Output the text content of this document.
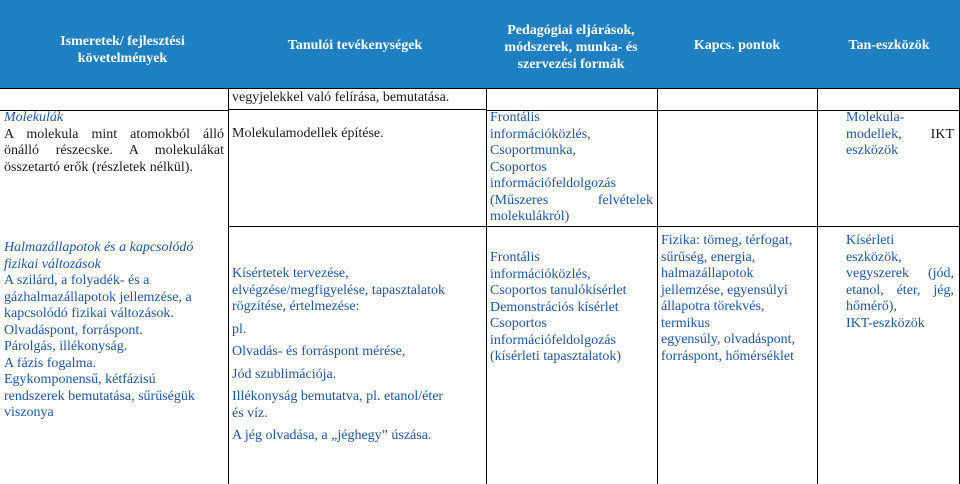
Ismeretek/ fejlesztési követelmények
Tanulói tevékenységek
Pedagógiai eljárások, módszerek, munka- és szervezési formák
Kapcs. pontok	Tan-eszközök

Molekulák

A molekula mint atomokból álló

önálló részecske. A molekulákat

összetartó erők (részletek nélkül).

vegyjelekkel való felírása, bemutatása.

Molekulamodellek építése.

Frontális

információközlés,

Csoportmunka,

Csoportos

információfeldolgozás

(Műszeres	felvételek

molekulákról)

Molekula-

modellek, IKT

eszközök

Halmazállapotok és a kapcsolódó

fizikai változások

A szilárd, a folyadék- és a

gázhalmazállapotok jellemzése, a

kapcsolódó fizikai változások.

Olvadáspont, forráspont.

Párolgás, illékonyság.

A fázis fogalma.

Egykomponensű, kétfázisú

rendszerek bemutatása, sűrűségük

viszonya

Kísértetek tervezése,

elvégzése/megfigyelése, tapasztalatok

rögzítése, értelmezése:

pl.

Olvadás- és forráspont mérése,

Jód szublimációja.

Illékonyság bemutatva, pl. etanol/éter

és víz.

A jég olvadása, a „jéghegy” úszása.

Frontális

információközlés,

Csoportos tanulókísérlet

Demonstrációs kísérlet

Csoportos

információfeldolgozás

(kísérleti tapasztalatok)

Fizika: tömeg, térfogat,

sűrűség, energia,

halmazállapotok

jellemzése, egyensúlyi

állapotra törekvés, termikus

egyensúly, olvadáspont,

forráspont, hőmérséklet

Kísérleti

eszközök,

vegyszerek (jód,

etanol, éter, jég,

hőmérő),

IKT-eszközök
